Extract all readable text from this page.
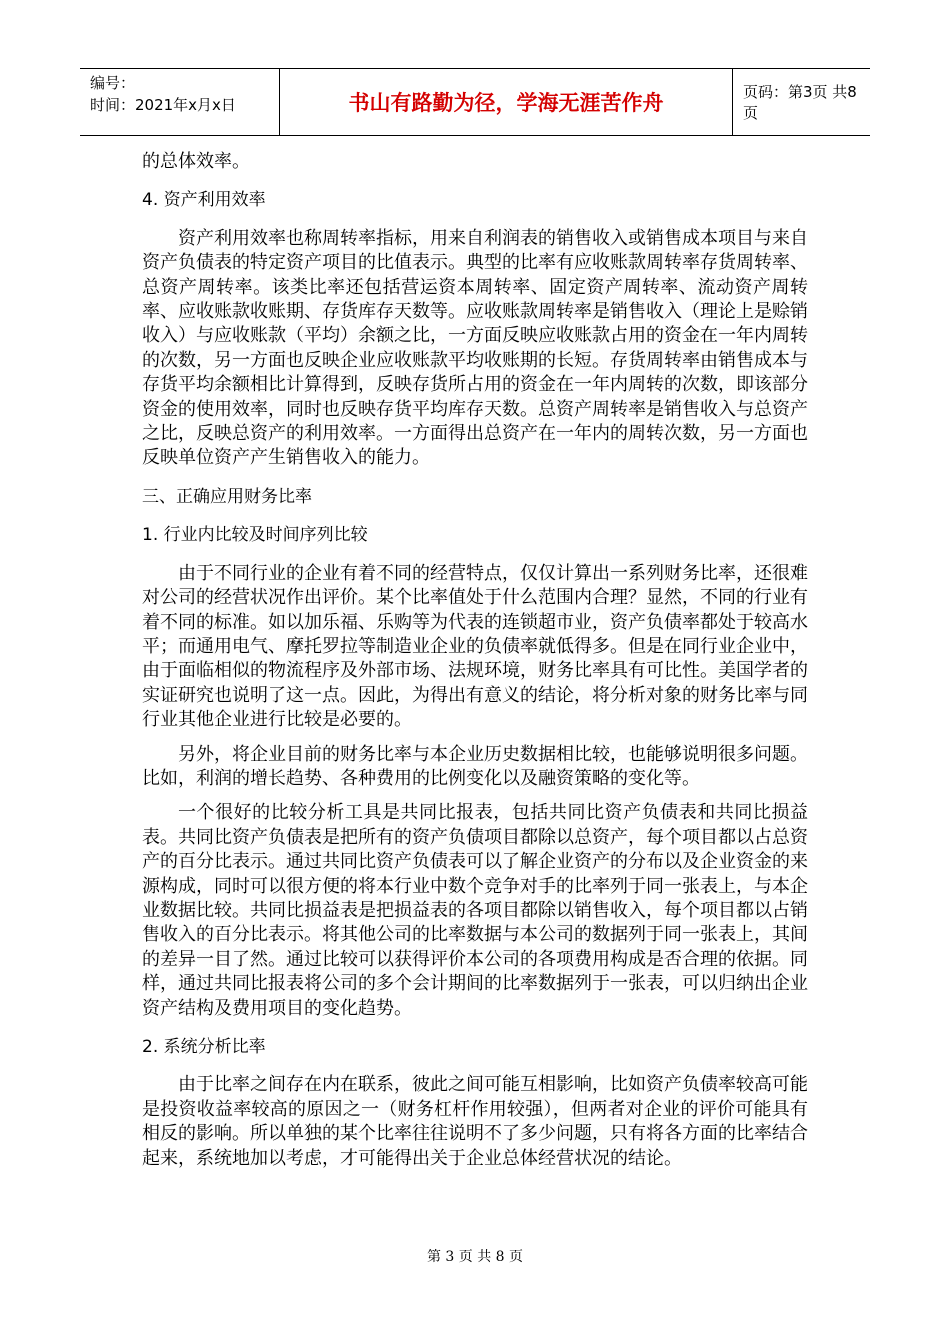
编号：
时间：2021年x月x日	书山有路勤为径，学海无涯苦作舟	页码：第3页 共8页

的总体效率。

4. 资产利用效率

资产利用效率也称周转率指标，用来自利润表的销售收入或销售成本项目与来自资产负债表的特定资产项目的比值表示。典型的比率有应收账款周转率存货周转率、总资产周转率。该类比率还包括营运资本周转率、固定资产周转率、流动资产周转率、应收账款收账期、存货库存天数等。应收账款周转率是销售收入（理论上是赊销收入）与应收账款（平均）余额之比，一方面反映应收账款占用的资金在一年内周转的次数，另一方面也反映企业应收账款平均收账期的长短。存货周转率由销售成本与存货平均余额相比计算得到，反映存货所占用的资金在一年内周转的次数，即该部分资金的使用效率，同时也反映存货平均库存天数。总资产周转率是销售收入与总资产之比，反映总资产的利用效率。一方面得出总资产在一年内的周转次数，另一方面也反映单位资产产生销售收入的能力。

三、正确应用财务比率

1. 行业内比较及时间序列比较

由于不同行业的企业有着不同的经营特点，仅仅计算出一系列财务比率，还很难对公司的经营状况作出评价。某个比率值处于什么范围内合理？显然，不同的行业有着不同的标准。如以加乐福、乐购等为代表的连锁超市业，资产负债率都处于较高水平；而通用电气、摩托罗拉等制造业企业的负债率就低得多。但是在同行业企业中，由于面临相似的物流程序及外部市场、法规环境，财务比率具有可比性。美国学者的实证研究也说明了这一点。因此，为得出有意义的结论，将分析对象的财务比率与同行业其他企业进行比较是必要的。

另外，将企业目前的财务比率与本企业历史数据相比较，也能够说明很多问题。比如，利润的增长趋势、各种费用的比例变化以及融资策略的变化等。

一个很好的比较分析工具是共同比报表，包括共同比资产负债表和共同比损益表。共同比资产负债表是把所有的资产负债项目都除以总资产，每个项目都以占总资产的百分比表示。通过共同比资产负债表可以了解企业资产的分布以及企业资金的来源构成，同时可以很方便的将本行业中数个竞争对手的比率列于同一张表上，与本企业数据比较。共同比损益表是把损益表的各项目都除以销售收入，每个项目都以占销售收入的百分比表示。将其他公司的比率数据与本公司的数据列于同一张表上，其间的差异一目了然。通过比较可以获得评价本公司的各项费用构成是否合理的依据。同样，通过共同比报表将公司的多个会计期间的比率数据列于一张表，可以归纳出企业资产结构及费用项目的变化趋势。

2. 系统分析比率

由于比率之间存在内在联系，彼此之间可能互相影响，比如资产负债率较高可能是投资收益率较高的原因之一（财务杠杆作用较强），但两者对企业的评价可能具有相反的影响。所以单独的某个比率往往说明不了多少问题，只有将各方面的比率结合起来，系统地加以考虑，才可能得出关于企业总体经营状况的结论。

第 3 页 共 8 页
